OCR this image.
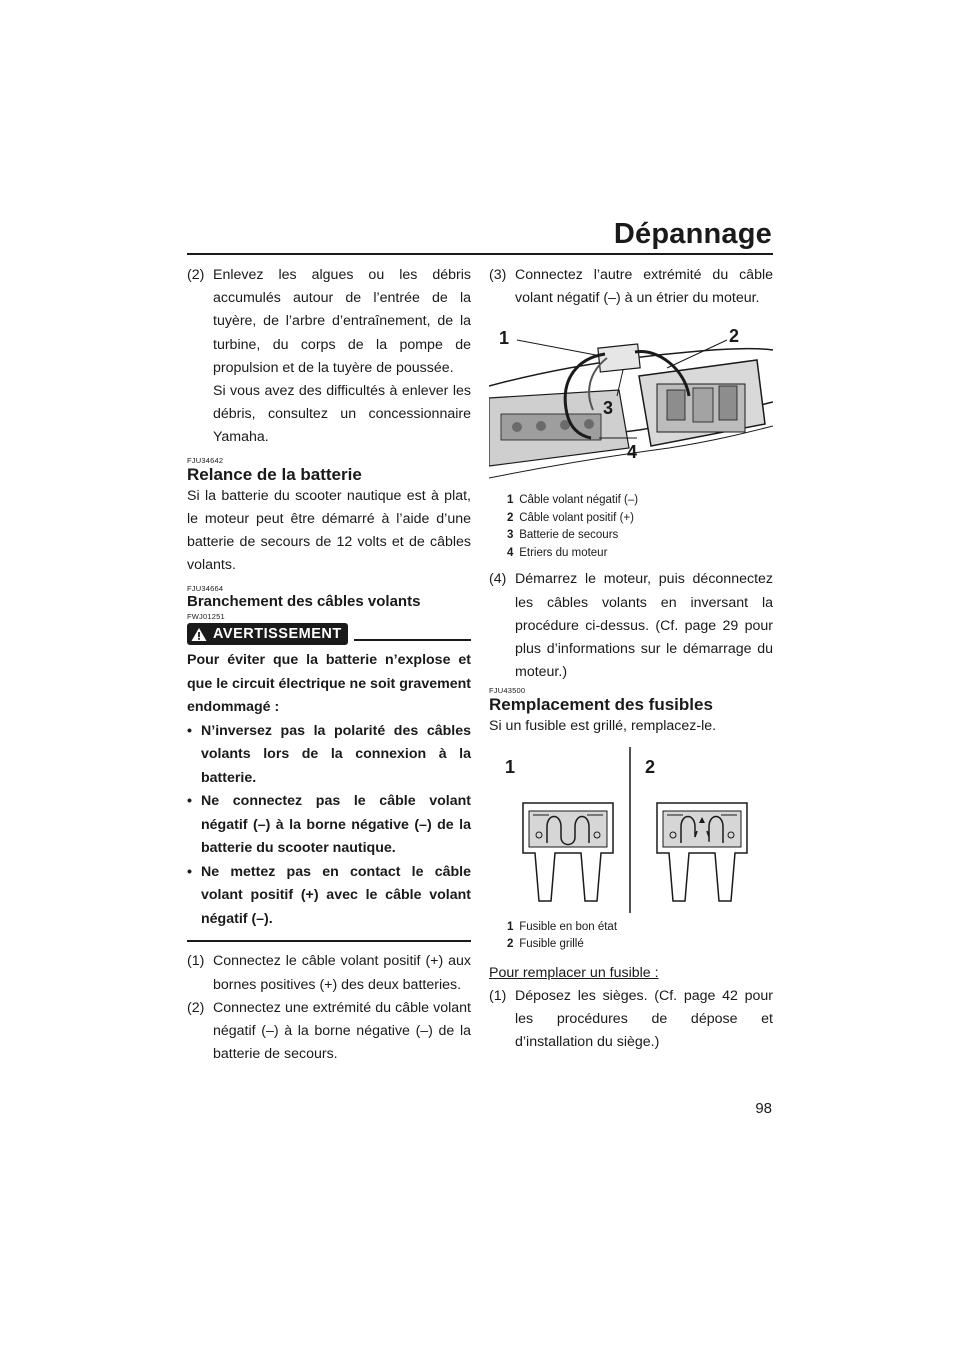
Dépannage
(2) Enlevez les algues ou les débris accumulés autour de l’entrée de la tuyère, de l’arbre d’entraînement, de la turbine, du corps de la pompe de propulsion et de la tuyère de poussée.
Si vous avez des difficultés à enlever les débris, consultez un concessionnaire Yamaha.
FJU34642
Relance de la batterie
Si la batterie du scooter nautique est à plat, le moteur peut être démarré à l’aide d’une batterie de secours de 12 volts et de câbles volants.
FJU34664
Branchement des câbles volants
FWJ01251
AVERTISSEMENT
Pour éviter que la batterie n’explose et que le circuit électrique ne soit gravement endommagé :
• N’inversez pas la polarité des câbles volants lors de la connexion à la batterie.
• Ne connectez pas le câble volant négatif (–) à la borne négative (–) de la batterie du scooter nautique.
• Ne mettez pas en contact le câble volant positif (+) avec le câble volant négatif (–).
(1) Connectez le câble volant positif (+) aux bornes positives (+) des deux batteries.
(2) Connectez une extrémité du câble volant négatif (–) à la borne négative (–) de la batterie de secours.
(3) Connectez l’autre extrémité du câble volant négatif (–) à un étrier du moteur.
1	2
3
4
1 Câble volant négatif (–)
2 Câble volant positif (+)
3 Batterie de secours
4 Etriers du moteur
(4) Démarrez le moteur, puis déconnectez les câbles volants en inversant la procédure ci-dessus. (Cf. page 29 pour plus d’informations sur le démarrage du moteur.)
FJU43500
Remplacement des fusibles
Si un fusible est grillé, remplacez-le.
1	2
1 Fusible en bon état
2 Fusible grillé
Pour remplacer un fusible :
(1) Déposez les sièges. (Cf. page 42 pour les procédures de dépose et d’installation du siège.)
98
